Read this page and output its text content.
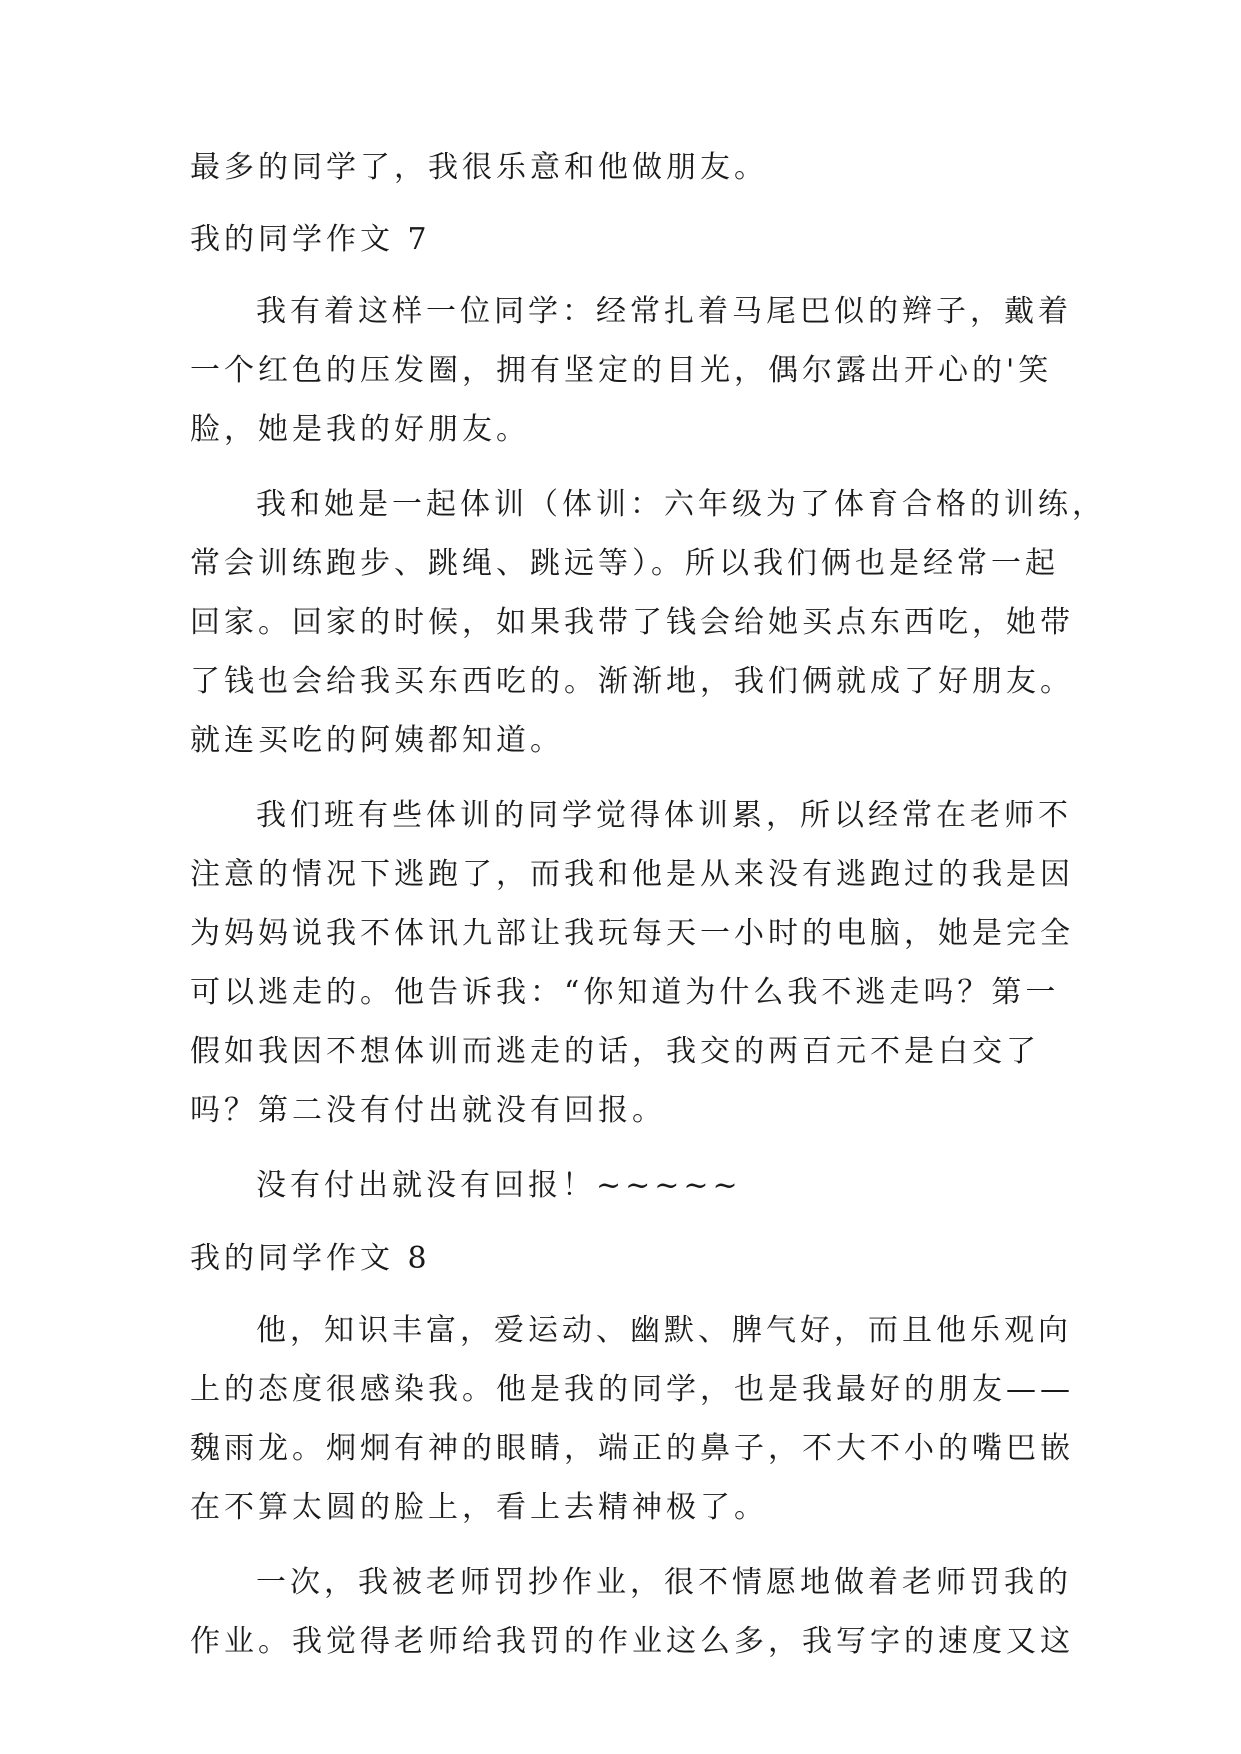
最多的同学了，我很乐意和他做朋友。
我的同学作文 7
我有着这样一位同学：经常扎着马尾巴似的辫子，戴着
一个红色的压发圈，拥有坚定的目光，偶尔露出开心的'笑
脸，她是我的好朋友。
我和她是一起体训（体训：六年级为了体育合格的训练，
常会训练跑步、跳绳、跳远等）。所以我们俩也是经常一起
回家。回家的时候，如果我带了钱会给她买点东西吃，她带
了钱也会给我买东西吃的。渐渐地，我们俩就成了好朋友。
就连买吃的阿姨都知道。
我们班有些体训的同学觉得体训累，所以经常在老师不
注意的情况下逃跑了，而我和他是从来没有逃跑过的我是因
为妈妈说我不体讯九部让我玩每天一小时的电脑，她是完全
可以逃走的。他告诉我：“你知道为什么我不逃走吗？第一
假如我因不想体训而逃走的话，我交的两百元不是白交了
吗？第二没有付出就没有回报。
没有付出就没有回报！~~~~~
我的同学作文 8
他，知识丰富，爱运动、幽默、脾气好，而且他乐观向
上的态度很感染我。他是我的同学，也是我最好的朋友——
魏雨龙。炯炯有神的眼睛，端正的鼻子，不大不小的嘴巴嵌
在不算太圆的脸上，看上去精神极了。
一次，我被老师罚抄作业，很不情愿地做着老师罚我的
作业。我觉得老师给我罚的作业这么多，我写字的速度又这
